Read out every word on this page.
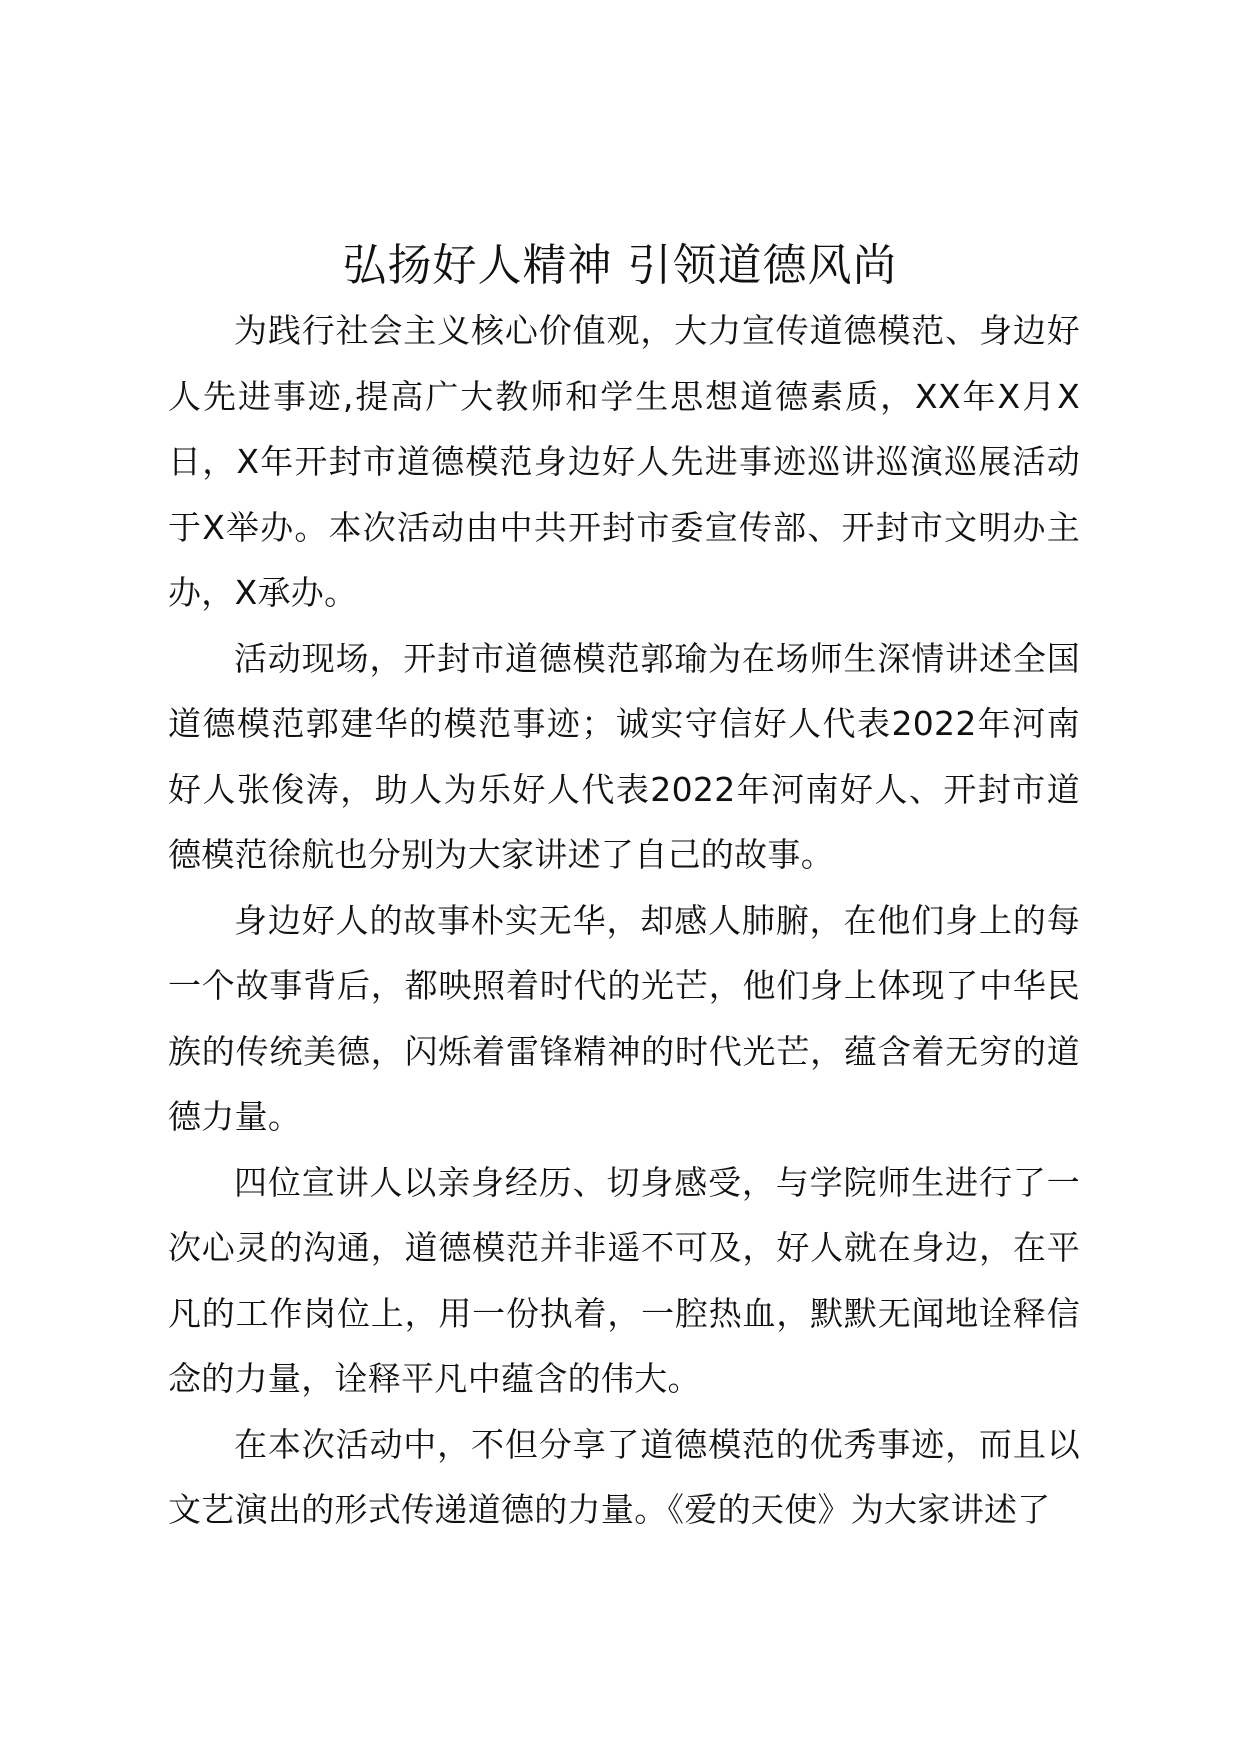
弘扬好人精神 引领道德风尚

为践行社会主义核心价值观，大力宣传道德模范、身边好人先进事迹,提高广大教师和学生思想道德素质，XX年X月X日，X年开封市道德模范身边好人先进事迹巡讲巡演巡展活动于X举办。本次活动由中共开封市委宣传部、开封市文明办主办，X承办。

活动现场，开封市道德模范郭瑜为在场师生深情讲述全国道德模范郭建华的模范事迹；诚实守信好人代表2022年河南好人张俊涛，助人为乐好人代表2022年河南好人、开封市道德模范徐航也分别为大家讲述了自己的故事。

身边好人的故事朴实无华，却感人肺腑，在他们身上的每一个故事背后，都映照着时代的光芒，他们身上体现了中华民族的传统美德，闪烁着雷锋精神的时代光芒，蕴含着无穷的道德力量。

四位宣讲人以亲身经历、切身感受，与学院师生进行了一次心灵的沟通，道德模范并非遥不可及，好人就在身边，在平凡的工作岗位上，用一份执着，一腔热血，默默无闻地诠释信念的力量，诠释平凡中蕴含的伟大。

在本次活动中，不但分享了道德模范的优秀事迹，而且以文艺演出的形式传递道德的力量。《爱的天使》为大家讲述了
